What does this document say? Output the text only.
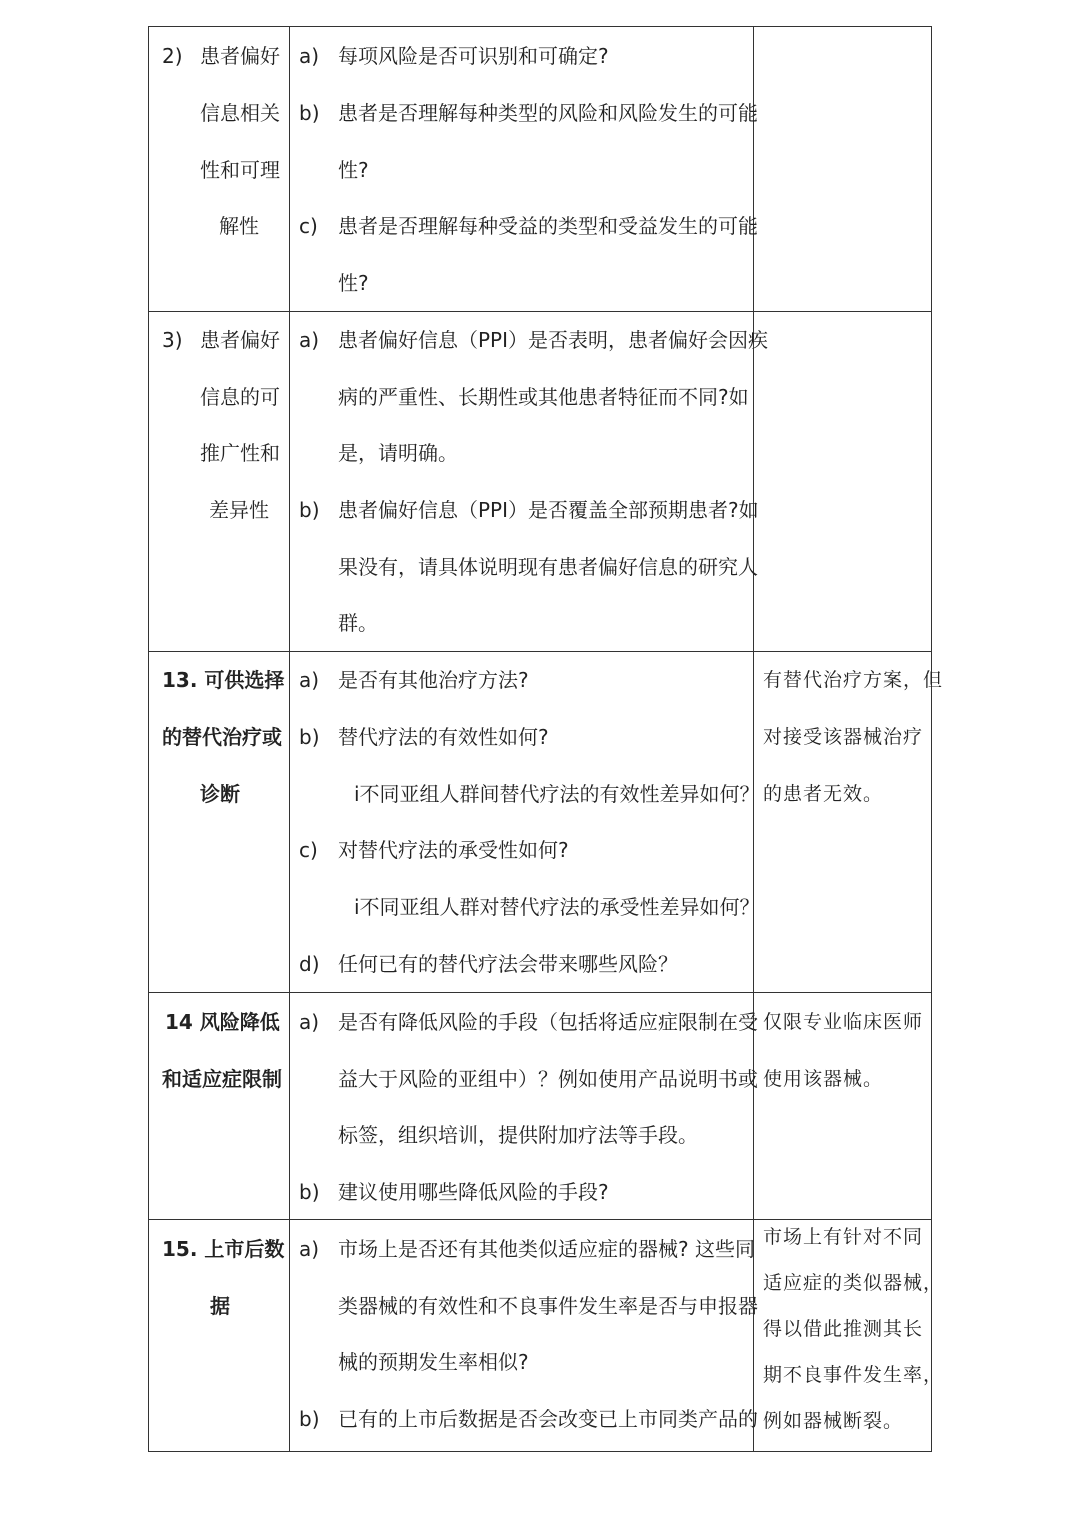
2) 患者偏好
信息相关
性和可理
解性
a) 每项风险是否可识别和可确定?
b) 患者是否理解每种类型的风险和风险发生的可能
性?
c) 患者是否理解每种受益的类型和受益发生的可能
性?
3) 患者偏好
信息的可
推广性和
差异性
a) 患者偏好信息（PPI）是否表明，患者偏好会因疾
病的严重性、长期性或其他患者特征而不同?如
是，请明确。
b) 患者偏好信息（PPI）是否覆盖全部预期患者?如
果没有，请具体说明现有患者偏好信息的研究人
群。
13. 可供选择
的替代治疗或
诊断
a) 是否有其他治疗方法?
b) 替代疗法的有效性如何?
i不同亚组人群间替代疗法的有效性差异如何？
c) 对替代疗法的承受性如何?
i不同亚组人群对替代疗法的承受性差异如何？
d) 任何已有的替代疗法会带来哪些风险？
有替代治疗方案，但
对接受该器械治疗
的患者无效。
14 风险降低
和适应症限制
a) 是否有降低风险的手段（包括将适应症限制在受
益大于风险的亚组中）？例如使用产品说明书或
标签，组织培训，提供附加疗法等手段。
b) 建议使用哪些降低风险的手段?
仅限专业临床医师
使用该器械。
15. 上市后数
据
a) 市场上是否还有其他类似适应症的器械? 这些同
类器械的有效性和不良事件发生率是否与申报器
械的预期发生率相似?
b) 已有的上市后数据是否会改变已上市同类产品的
市场上有针对不同
适应症的类似器械，
得以借此推测其长
期不良事件发生率，
例如器械断裂。
